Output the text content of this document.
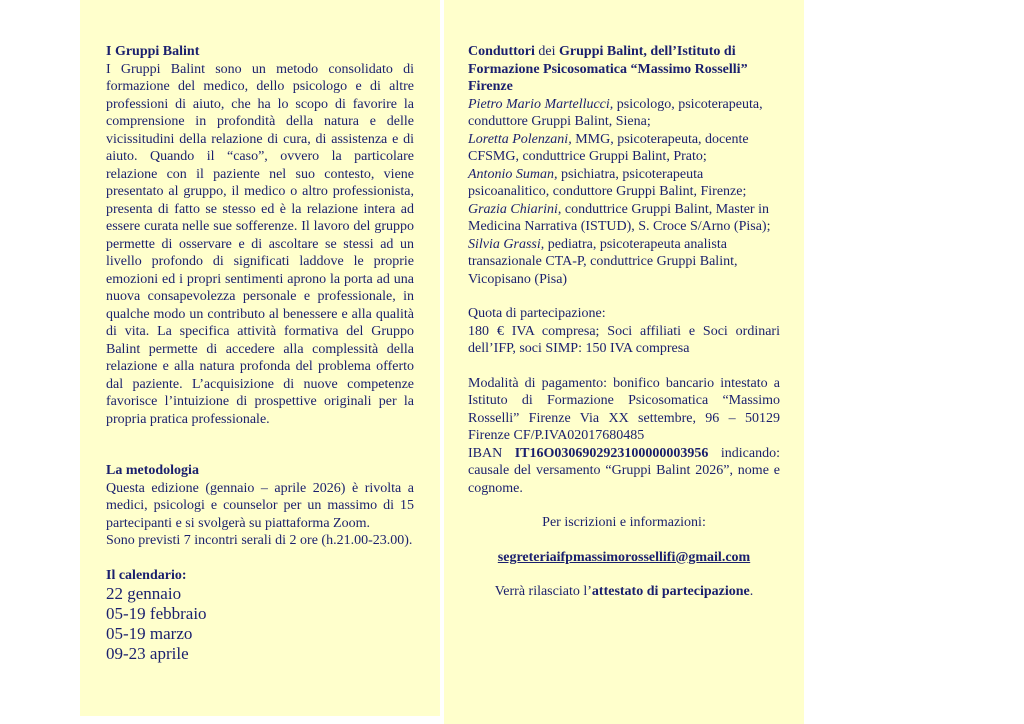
I Gruppi Balint

I Gruppi Balint sono un metodo consolidato di formazione del medico, dello psicologo e di altre professioni di aiuto, che ha lo scopo di favorire la comprensione in profondità della natura e delle vicissitudini della relazione di cura, di assistenza e di aiuto. Quando il “caso”, ovvero la particolare relazione con il paziente nel suo contesto, viene presentato al gruppo, il medico o altro professionista, presenta di fatto se stesso ed è la relazione intera ad essere curata nelle sue sofferenze. Il lavoro del gruppo permette di osservare e di ascoltare se stessi ad un livello profondo di significati laddove le proprie emozioni ed i propri sentimenti aprono la porta ad una nuova consapevolezza personale e professionale, in qualche modo un contributo al benessere e alla qualità di vita. La specifica attività formativa del Gruppo Balint permette di accedere alla complessità della relazione e alla natura profonda del problema offerto dal paziente. L’acquisizione di nuove competenze favorisce l’intuizione di prospettive originali per la propria pratica professionale.

La metodologia

Questa edizione (gennaio – aprile 2026) è rivolta a medici, psicologi e counselor per un massimo di 15 partecipanti e si svolgerà su piattaforma Zoom.

Sono previsti 7 incontri serali di 2 ore (h.21.00-23.00).

Il calendario:

22 gennaio
05-19 febbraio
05-19 marzo
09-23 aprile

Conduttori dei Gruppi Balint, dell’Istituto di Formazione Psicosomatica “Massimo Rosselli” Firenze

Pietro Mario Martellucci, psicologo, psicoterapeuta, conduttore Gruppi Balint, Siena;
Loretta Polenzani, MMG, psicoterapeuta, docente CFSMG, conduttrice Gruppi Balint, Prato;
Antonio Suman, psichiatra, psicoterapeuta psicoanalitico, conduttore Gruppi Balint, Firenze;
Grazia Chiarini, conduttrice Gruppi Balint, Master in Medicina Narrativa (ISTUD), S. Croce S/Arno (Pisa); Silvia Grassi, pediatra, psicoterapeuta analista transazionale CTA-P, conduttrice Gruppi Balint, Vicopisano (Pisa)

Quota di partecipazione:

180 € IVA compresa; Soci affiliati e Soci ordinari dell’IFP, soci SIMP: 150 IVA compresa

Modalità di pagamento: bonifico bancario intestato a Istituto di Formazione Psicosomatica “Massimo Rosselli” Firenze Via XX settembre, 96 – 50129 Firenze CF/P.IVA02017680485

IBAN IT16O0306902923100000003956 indicando: causale del versamento “Gruppi Balint 2026”, nome e cognome.

Per iscrizioni e informazioni:

segreteriaifpmassimorossellifi@gmail.com

Verrà rilasciato l’attestato di partecipazione.
